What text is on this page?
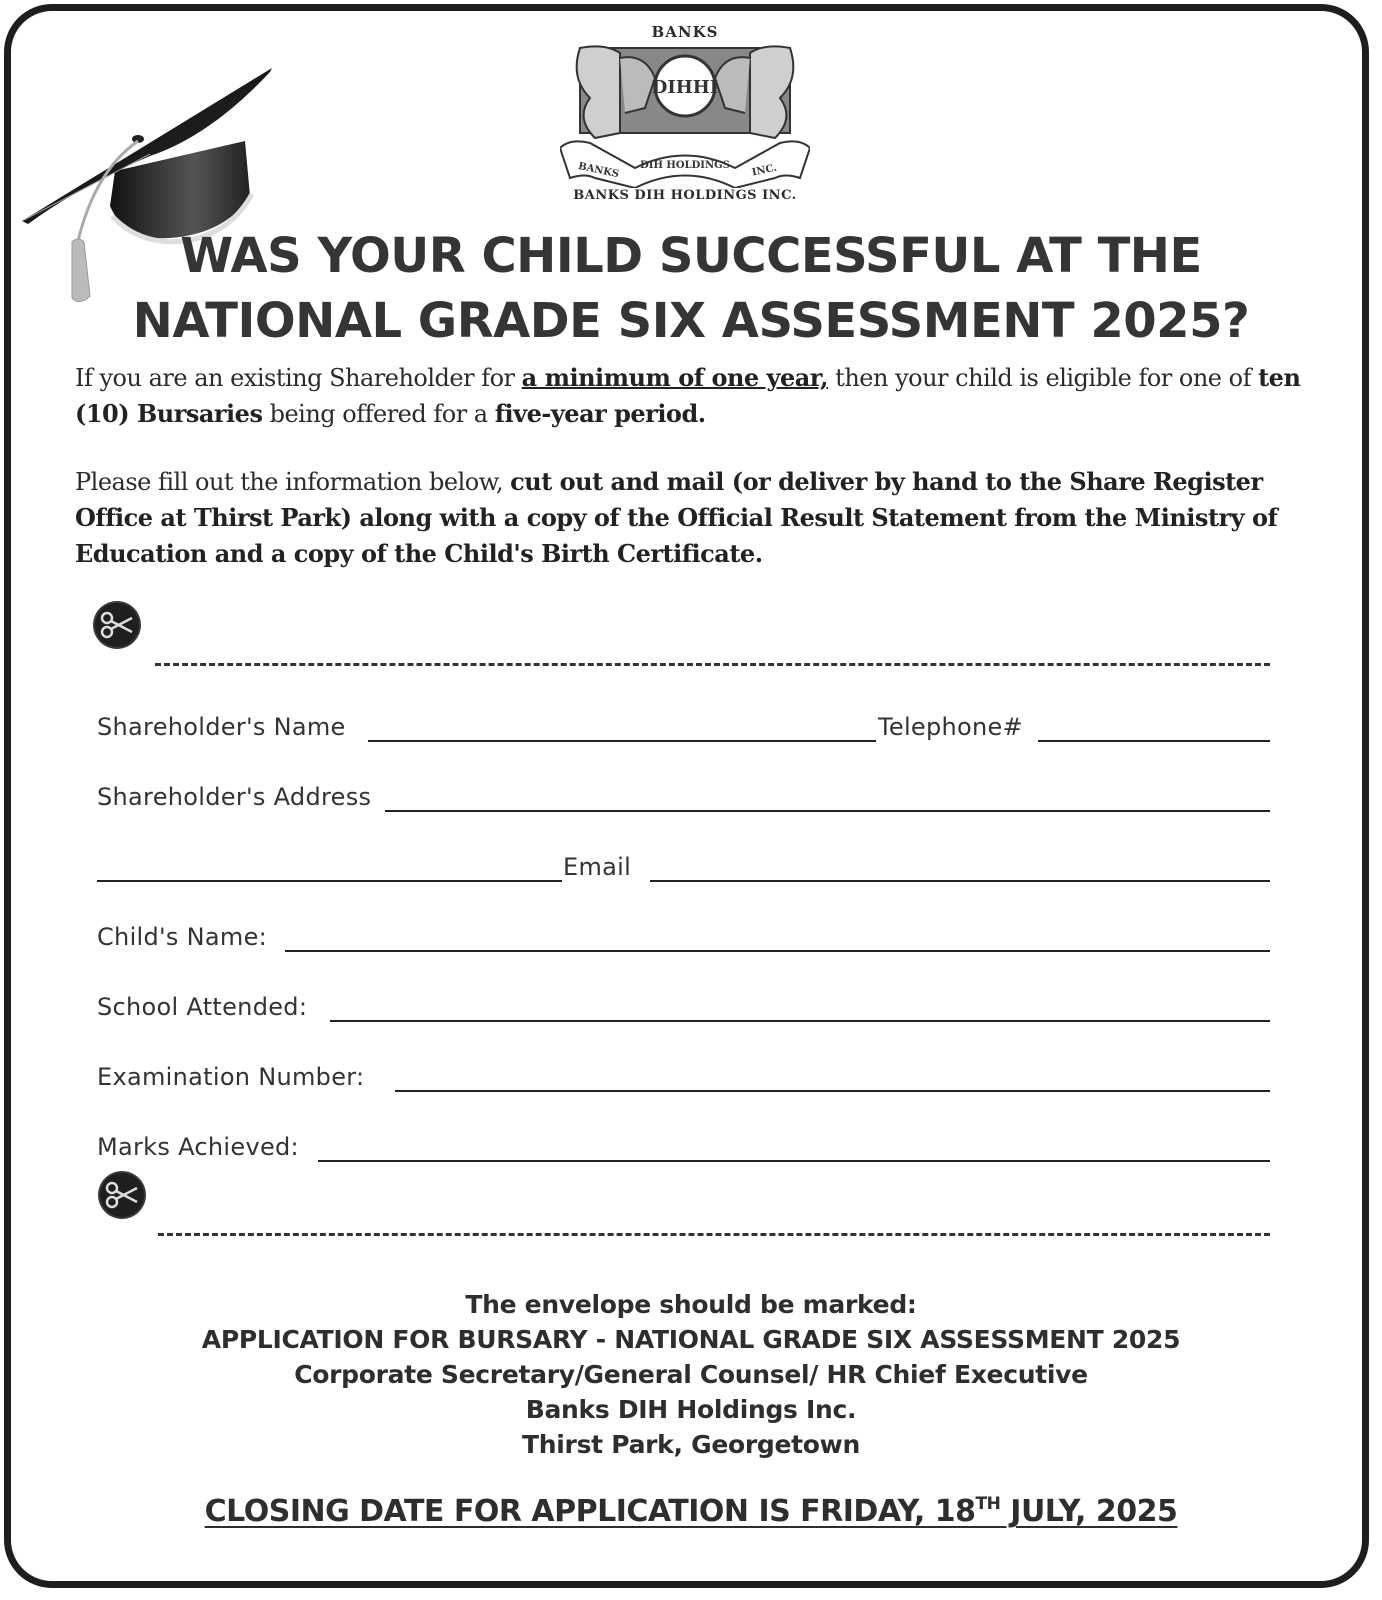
BANKS
DIHHI
BANKS DIH HOLDINGS INC.
BANKS DIH HOLDINGS INC.
WAS YOUR CHILD SUCCESSFUL AT THE
NATIONAL GRADE SIX ASSESSMENT 2025?
If you are an existing Shareholder for a minimum of one year, then your child is eligible for one of ten (10) Bursaries being offered for a five-year period.
Please fill out the information below, cut out and mail (or deliver by hand to the Share Register Office at Thirst Park) along with a copy of the Official Result Statement from the Ministry of Education and a copy of the Child's Birth Certificate.
Shareholder's Name	Telephone#
Shareholder's Address
Email
Child's Name:
School Attended:
Examination Number:
Marks Achieved:
The envelope should be marked:
APPLICATION FOR BURSARY - NATIONAL GRADE SIX ASSESSMENT 2025
Corporate Secretary/General Counsel/ HR Chief Executive
Banks DIH Holdings Inc.
Thirst Park, Georgetown
CLOSING DATE FOR APPLICATION IS FRIDAY, 18TH JULY, 2025
